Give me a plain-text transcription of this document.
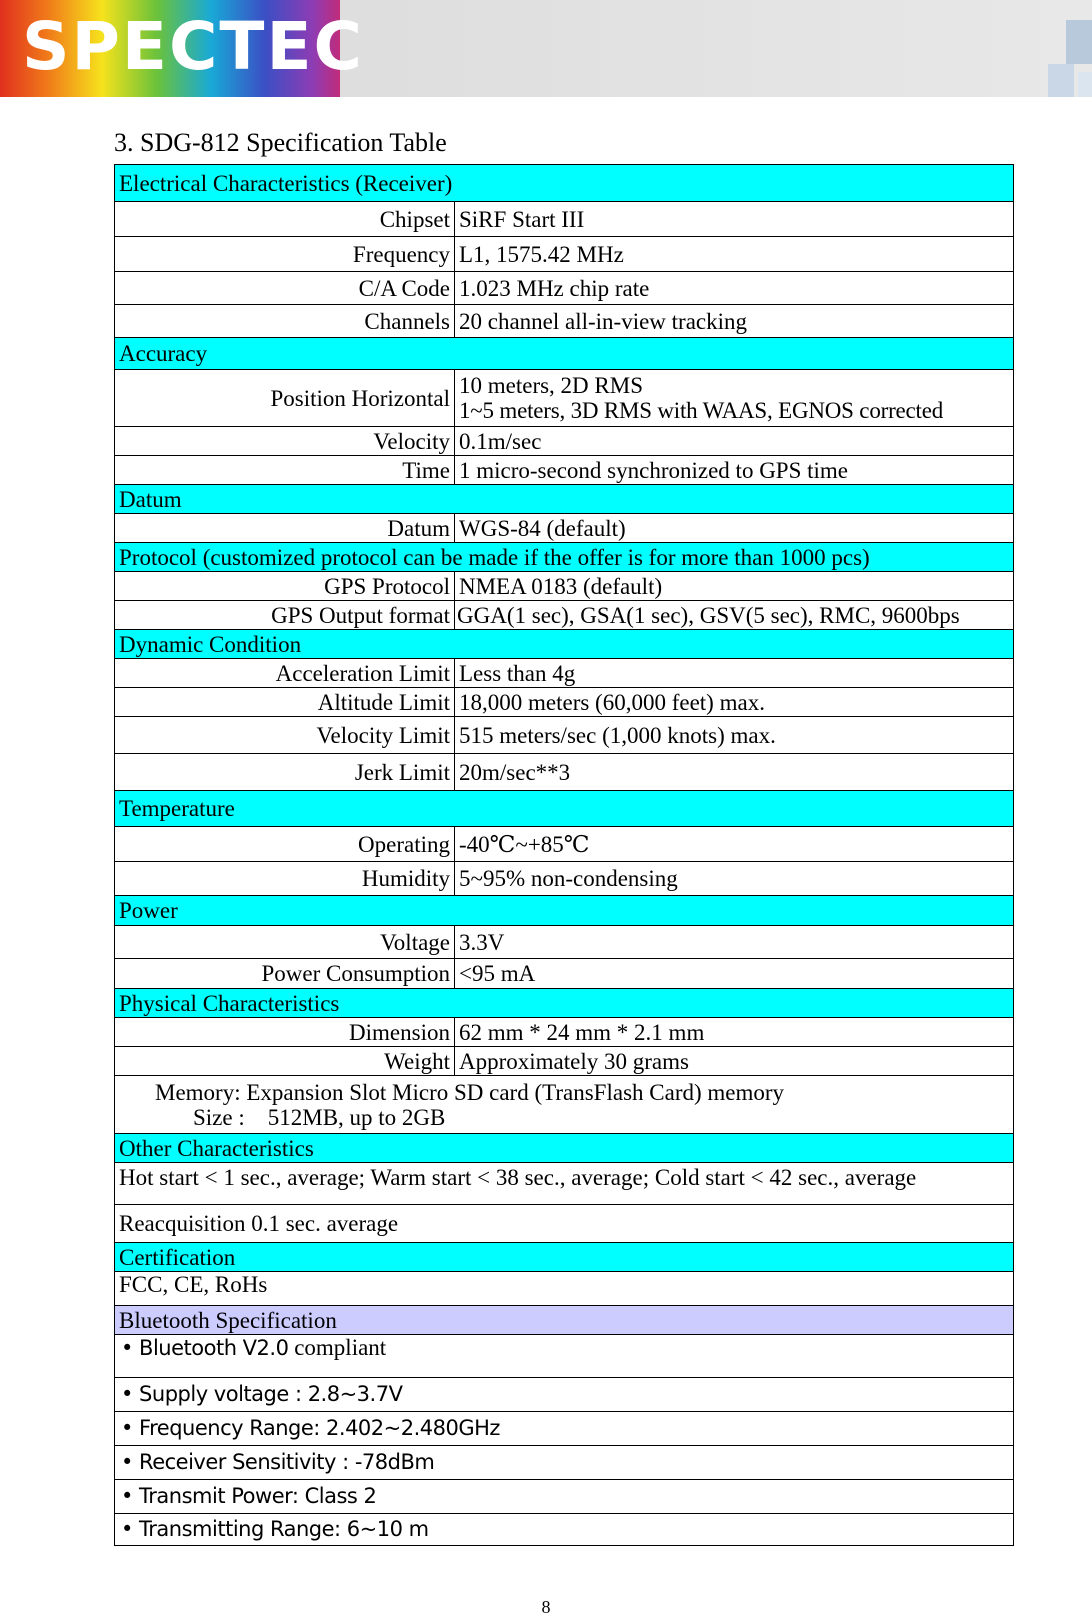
SPECTEC
3. SDG-812 Specification Table
Electrical Characteristics (Receiver)	
Chipset	SiRF Start III
Frequency	L1, 1575.42 MHz
C/A Code	1.023 MHz chip rate
Channels	20 channel all-in-view tracking
Accuracy	
Position Horizontal	10 meters, 2D RMS
1~5 meters, 3D RMS with WAAS, EGNOS corrected

Velocity	0.1m/sec
Time	1 micro-second synchronized to GPS time
Datum	
Datum	WGS-84 (default)
Protocol (customized protocol can be made if the offer is for more than 1000 pcs)	
GPS Protocol	NMEA 0183 (default)
GPS Output format	GGA(1 sec), GSA(1 sec), GSV(5 sec), RMC, 9600bps
Dynamic Condition	
Acceleration Limit	Less than 4g
Altitude Limit	18,000 meters (60,000 feet) max.
Velocity Limit	515 meters/sec (1,000 knots) max.
Jerk Limit	20m/sec**3
Temperature	
Operating	-40℃~+85℃
Humidity	5~95% non-condensing
Power	
Voltage	3.3V
Power Consumption	<95 mA
Physical Characteristics	
Dimension	62 mm * 24 mm * 2.1 mm
Weight	Approximately 30 grams

Memory: Expansion Slot Micro SD card (TransFlash Card) memory
Size :    512MB, up to 2GB	

Other Characteristics	
Hot start < 1 sec., average; Warm start < 38 sec., average; Cold start < 42 sec., average	
Reacquisition 0.1 sec. average	
Certification	
FCC, CE, RoHs	
Bluetooth Specification	
• Bluetooth V2.0 compliant	
• Supply voltage : 2.8~3.7V	
• Frequency Range: 2.402~2.480GHz	
• Receiver Sensitivity : -78dBm	
• Transmit Power: Class 2	
• Transmitting Range: 6~10 m	
8
